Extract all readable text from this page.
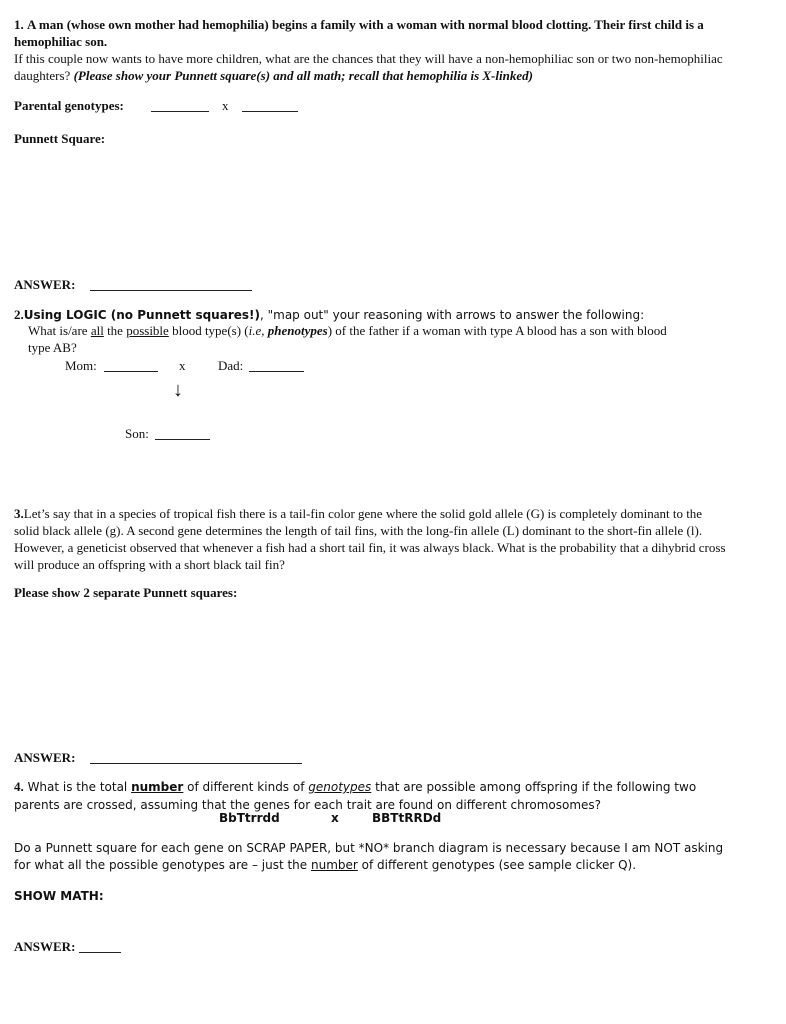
1. A man (whose own mother had hemophilia) begins a family with a woman with normal blood clotting. Their first child is a hemophiliac son.
If this couple now wants to have more children, what are the chances that they will have a non-hemophiliac son or two non-hemophiliac daughters? (Please show your Punnett square(s) and all math; recall that hemophilia is X-linked)
Parental genotypes:	x
Punnett Square:
ANSWER:
2.Using LOGIC (no Punnett squares!), "map out" your reasoning with arrows to answer the following:
What is/are all the possible blood type(s) (i.e, phenotypes) of the father if a woman with type A blood has a son with blood
type AB?
Mom:	x	Dad:
↓
Son:
3.Let’s say that in a species of tropical fish there is a tail-fin color gene where the solid gold allele (G) is completely dominant to the solid black allele (g). A second gene determines the length of tail fins, with the long-fin allele (L) dominant to the short-fin allele (l). However, a geneticist observed that whenever a fish had a short tail fin, it was always black. What is the probability that a dihybrid cross will produce an offspring with a short black tail fin?
Please show 2 separate Punnett squares:
ANSWER:
4. What is the total number of different kinds of genotypes that are possible among offspring if the following two parents are crossed, assuming that the genes for each trait are found on different chromosomes?
BbTtrrdd	x	BBTtRRDd
Do a Punnett square for each gene on SCRAP PAPER, but *NO* branch diagram is necessary because I am NOT asking for what all the possible genotypes are – just the number of different genotypes (see sample clicker Q).
SHOW MATH:
ANSWER:
